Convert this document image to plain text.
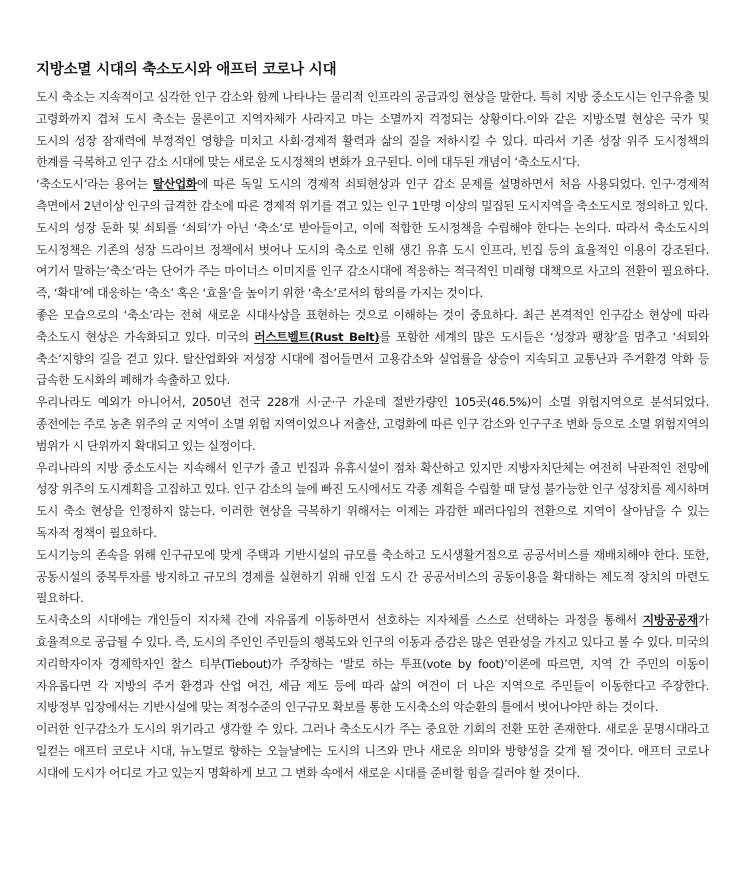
지방소멸 시대의 축소도시와 애프터 코로나 시대

도시 축소는 지속적이고 심각한 인구 감소와 함께 나타나는 물리적 인프라의 공급과잉 현상을 말한다. 특히 지방 중소도시는 인구유출 및 고령화까지 겹쳐 도시 축소는 물론이고 지역자체가 사라지고 마는 소멸까지 걱정되는 상황이다.이와 같은 지방소멸 현상은 국가 및 도시의 성장 잠재력에 부정적인 영향을 미치고 사회·경제적 활력과 삶의 질을 저하시킬 수 있다. 따라서 기존 성장 위주 도시정책의 한계를 극복하고 인구 감소 시대에 맞는 새로운 도시정책의 변화가 요구된다. 이에 대두된 개념이 ‘축소도시’다.

‘축소도시’라는 용어는 탈산업화에 따른 독일 도시의 경제적 쇠퇴현상과 인구 감소 문제를 설명하면서 처음 사용되었다. 인구·경제적 측면에서 2년이상 인구의 급격한 감소에 따른 경제적 위기를 겪고 있는 인구 1만명 이상의 밀집된 도시지역을 축소도시로 정의하고 있다.

도시의 성장 둔화 및 쇠퇴를 ‘쇠퇴’가 아닌 ‘축소’로 받아들이고, 이에 적합한 도시정책을 수립해야 한다는 논의다. 따라서 축소도시의 도시정책은 기존의 성장 드라이브 정책에서 벗어나 도시의 축소로 인해 생긴 유휴 도시 인프라, 빈집 등의 효율적인 이용이 강조된다. 여기서 말하는‘축소’라는 단어가 주는 마이너스 이미지를 인구 감소시대에 적응하는 적극적인 미래형 대책으로 사고의 전환이 필요하다. 즉, ‘확대’에 대응하는 ‘축소’ 혹은 ‘효율’을 높이기 위한 ‘축소’로서의 함의를 가지는 것이다.

좋은 모습으로의 ‘축소’라는 전혀 새로운 시대사상을 표현하는 것으로 이해하는 것이 중요하다. 최근 본격적인 인구감소 현상에 따라 축소도시 현상은 가속화되고 있다. 미국의 러스트벨트(Rust Belt)를 포함한 세계의 많은 도시들은 ‘성장과 팽창’을 멈추고 ‘쇠퇴와 축소’지향의 길을 걷고 있다. 탈산업화와 저성장 시대에 접어들면서 고용감소와 실업률을 상승이 지속되고 교통난과 주거환경 악화 등 급속한 도시화의 폐해가 속출하고 있다.

우리나라도 예외가 아니어서, 2050년 전국 228개 시·군·구 가운데 절반가량인 105곳(46.5%)이 소멸 위험지역으로 분석되었다. 종전에는 주로 농촌 위주의 군 지역이 소멸 위험 지역이었으나 저출산, 고령화에 따른 인구 감소와 인구구조 변화 등으로 소멸 위험지역의 범위가 시 단위까지 확대되고 있는 실정이다.

우리나라의 지방 중소도시는 지속해서 인구가 줄고 빈집과 유휴시설이 점차 확산하고 있지만 지방자치단체는 여전히 낙관적인 전망에 성장 위주의 도시계획을 고집하고 있다. 인구 감소의 늪에 빠진 도시에서도 각종 계획을 수립할 때 달성 불가능한 인구 성장치를 제시하며 도시 축소 현상을 인정하지 않는다. 이러한 현상을 극복하기 위해서는 이제는 과감한 패러다임의 전환으로 지역이 살아남을 수 있는 독자적 정책이 필요하다.

도시기능의 존속을 위해 인구규모에 맞게 주택과 기반시설의 규모를 축소하고 도시생활거점으로 공공서비스를 재배치해야 한다. 또한, 공동시설의 중복투자를 방지하고 규모의 경제를 실현하기 위해 인접 도시 간 공공서비스의 공동이용을 확대하는 제도적 장치의 마련도 필요하다.

도시축소의 시대에는 개인들이 지자체 간에 자유롭게 이동하면서 선호하는 지자체를 스스로 선택하는 과정을 통해서 지방공공재가 효율적으로 공급될 수 있다. 즉, 도시의 주인인 주민들의 행복도와 인구의 이동과 증감은 많은 연관성을 가지고 있다고 볼 수 있다. 미국의 지리학자이자 경제학자인 찰스 티부(Tiebout)가 주장하는 ‘발로 하는 투표(vote by foot)’이론에 따르면, 지역 간 주민의 이동이 자유롭다면 각 지방의 주거 환경과 산업 여건, 세금 제도 등에 따라 삶의 여건이 더 나은 지역으로 주민들이 이동한다고 주장한다. 지방정부 입장에서는 기반시설에 맞는 적정수준의 인구규모 확보를 통한 도시축소의 악순환의 틀에서 벗어나야만 하는 것이다.

이러한 인구감소가 도시의 위기라고 생각할 수 있다. 그러나 축소도시가 주는 중요한 기회의 전환 또한 존재한다. 새로운 문명시대라고 일컫는 애프터 코로나 시대, 뉴노멀로 향하는 오늘날에는 도시의 니즈와 만나 새로운 의미와 방향성을 갖게 될 것이다. 애프터 코로나 시대에 도시가 어디로 가고 있는지 명확하게 보고 그 변화 속에서 새로운 시대를 준비할 힘을 길러야 할 것이다.
